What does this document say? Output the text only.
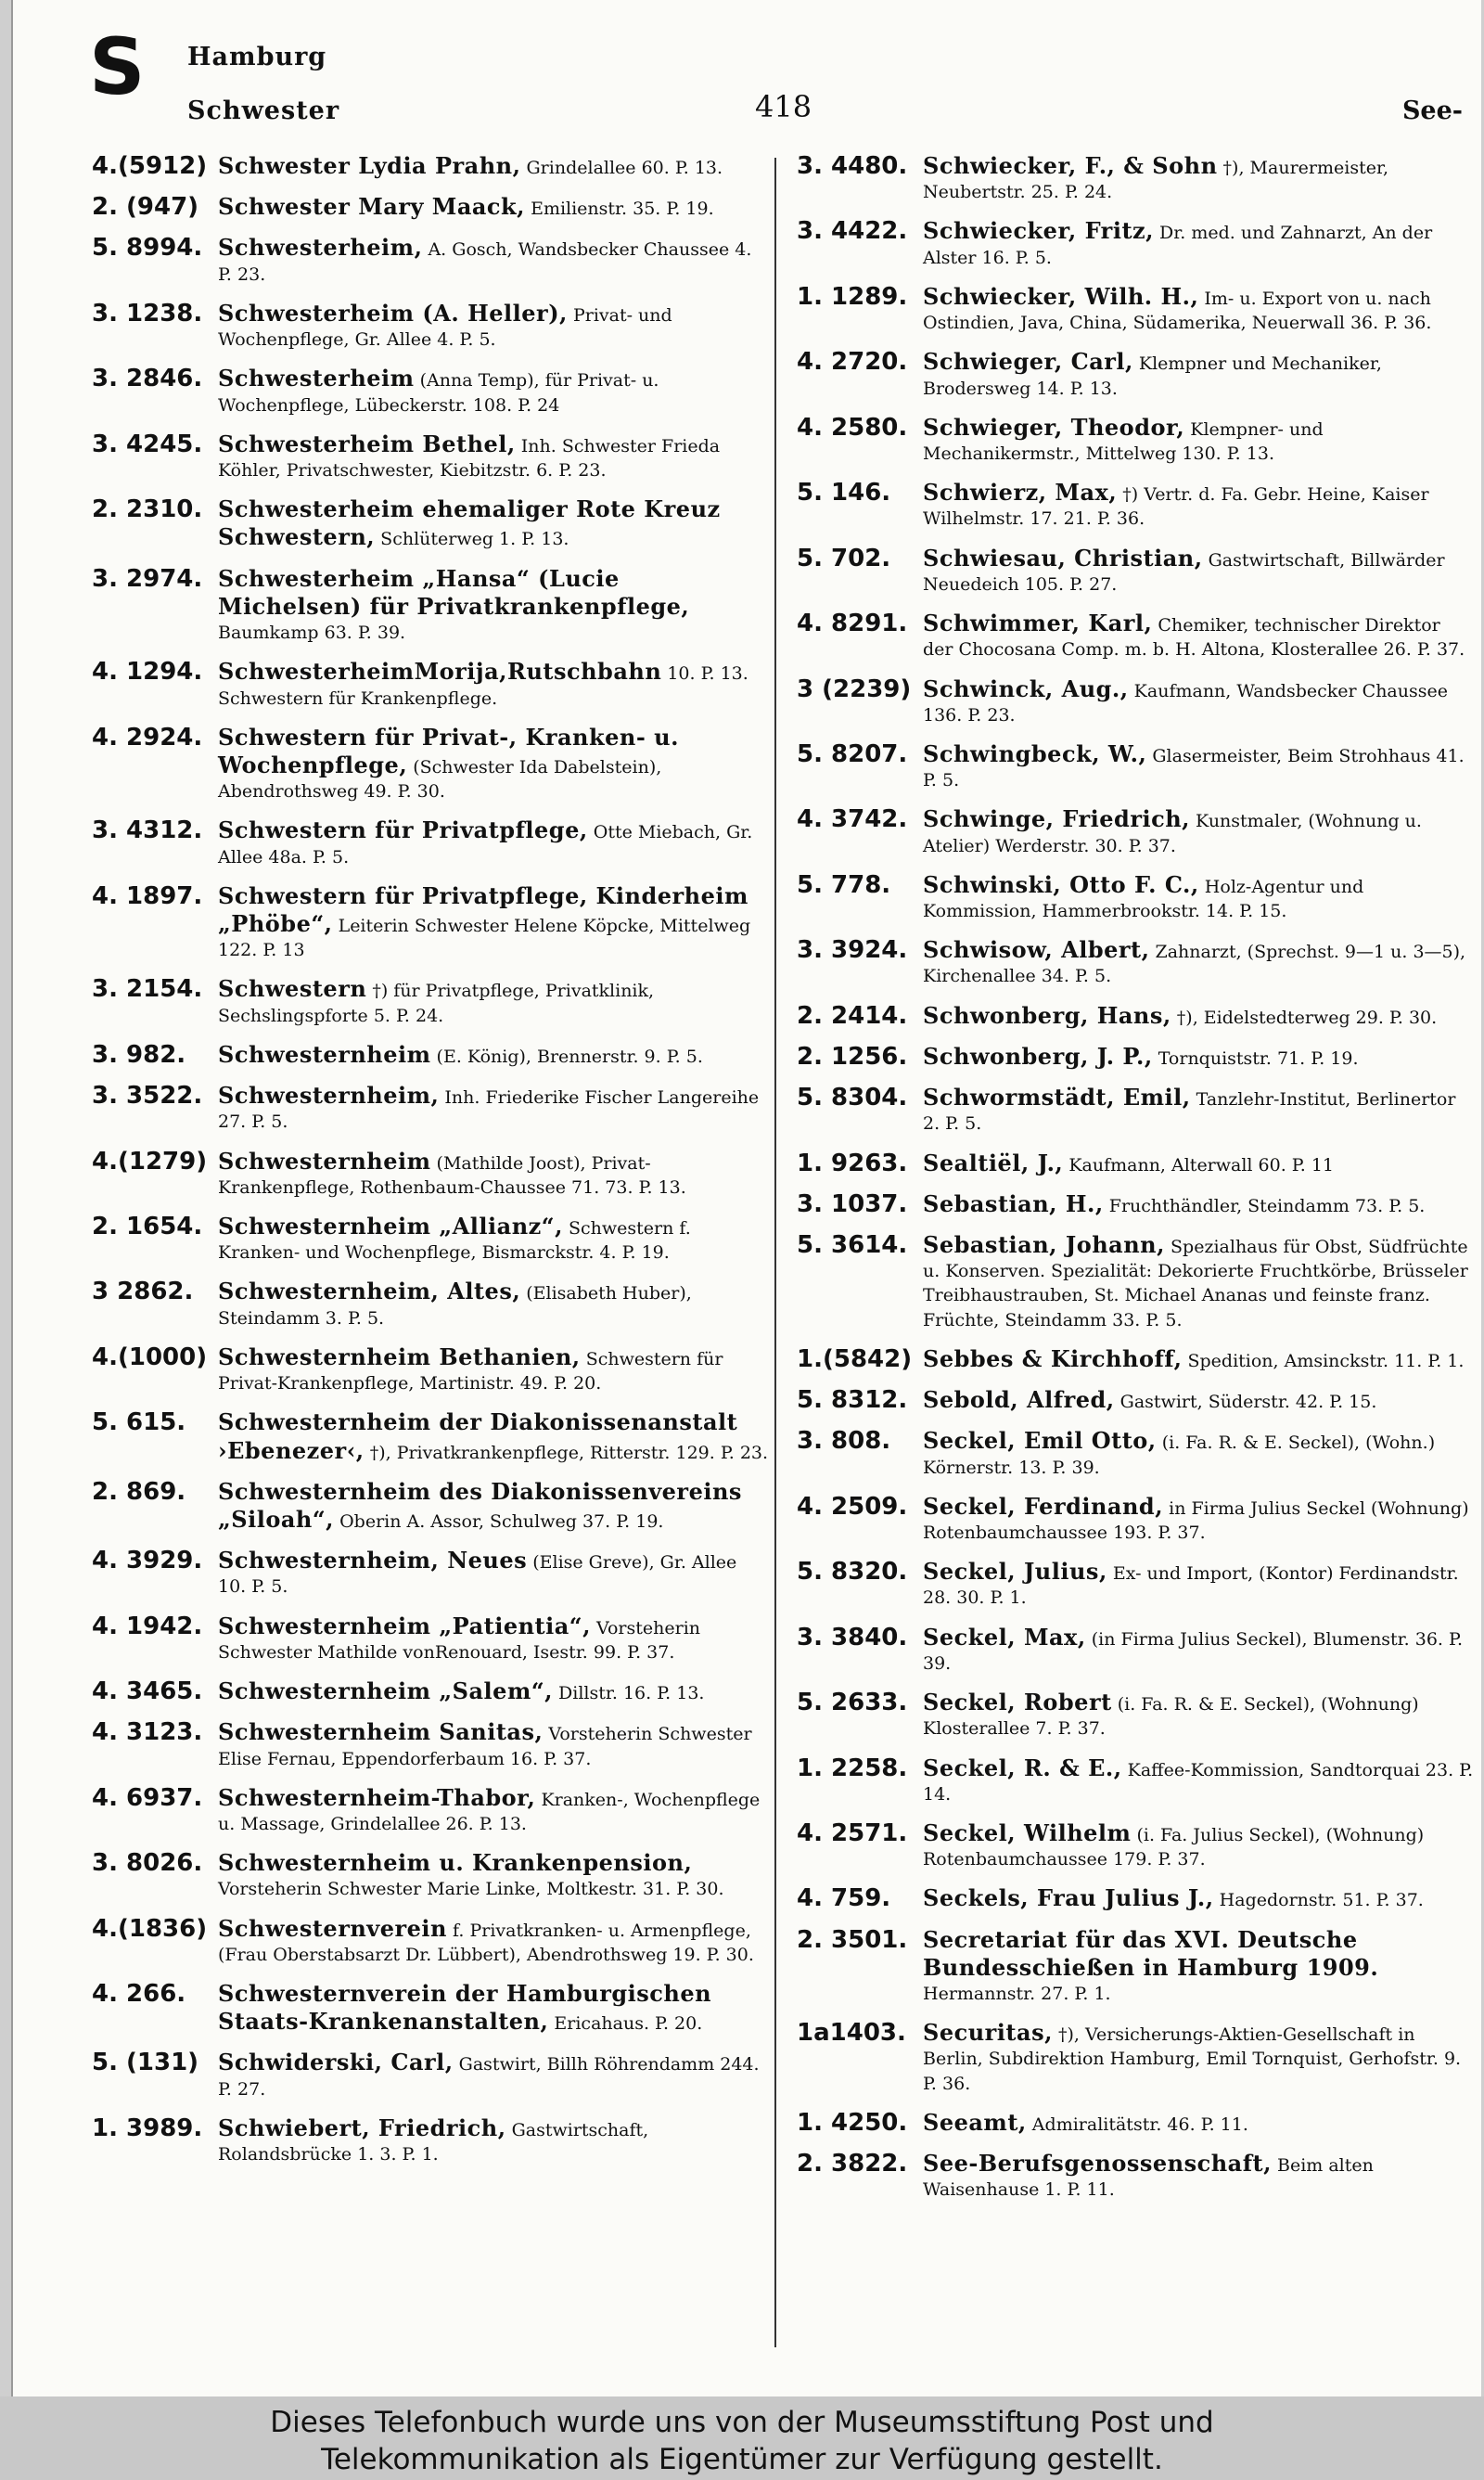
S Hamburg
Schwester	418	See-
4.(5912) Schwester Lydia Prahn, Grindelallee 60. P. 13.
2. (947) Schwester Mary Maack, Emilienstr. 35. P. 19.
5. 8994. Schwesterheim, A. Gosch, Wandsbecker Chaussee 4. P. 23.
3. 1238. Schwesterheim (A. Heller), Privat- und Wochenpflege, Gr. Allee 4. P. 5.
3. 2846. Schwesterheim (Anna Temp), für Privat- u. Wochenpflege, Lübeckerstr. 108. P. 24
3. 4245. Schwesterheim Bethel, Inh. Schwester Frieda Köhler, Privatschwester, Kiebitzstr. 6. P. 23.
2. 2310. Schwesterheim ehemaliger Rote Kreuz Schwestern, Schlüterweg 1. P. 13.
3. 2974. Schwesterheim „Hansa“ (Lucie Michelsen) für Privatkrankenpflege, Baumkamp 63. P. 39.
4. 1294. SchwesterheimMorija,Rutschbahn 10. P. 13. Schwestern für Krankenpflege.
4. 2924. Schwestern für Privat-, Kranken- u. Wochenpflege, (Schwester Ida Dabelstein), Abendrothsweg 49. P. 30.
3. 4312. Schwestern für Privatpflege, Otte Miebach, Gr. Allee 48a. P. 5.
4. 1897. Schwestern für Privatpflege, Kinderheim „Phöbe“, Leiterin Schwester Helene Köpcke, Mittelweg 122. P. 13
3. 2154. Schwestern †) für Privatpflege, Privatklinik, Sechslingspforte 5. P. 24.
3. 982.	Schwesternheim (E. König), Brennerstr. 9. P. 5.
3. 3522. Schwesternheim, Inh. Friederike Fischer Langereihe 27. P. 5.
4.(1279) Schwesternheim (Mathilde Joost), Privat-Krankenpflege, Rothenbaum-Chaussee 71. 73. P. 13.
2. 1654. Schwesternheim „Allianz“, Schwestern f. Kranken- und Wochenpflege, Bismarckstr. 4. P. 19.
3 2862.	Schwesternheim, Altes, (Elisabeth Huber), Steindamm 3. P. 5.
4.(1000) Schwesternheim Bethanien, Schwestern für Privat-Krankenpflege, Martinistr. 49. P. 20.
5. 615.	Schwesternheim der Diakonissenanstalt ›Ebenezer‹, †), Privatkrankenpflege, Ritterstr. 129. P. 23.
2. 869.	Schwesternheim des Diakonissenvereins „Siloah“, Oberin A. Assor, Schulweg 37. P. 19.
4. 3929. Schwesternheim, Neues (Elise Greve), Gr. Allee 10. P. 5.
4. 1942. Schwesternheim „Patientia“, Vorsteherin Schwester Mathilde vonRenouard, Isestr. 99. P. 37.
4. 3465. Schwesternheim „Salem“, Dillstr. 16. P. 13.
4. 3123. Schwesternheim Sanitas, Vorsteherin Schwester Elise Fernau, Eppendorferbaum 16. P. 37.
4. 6937. Schwesternheim-Thabor, Kranken-, Wochenpflege u. Massage, Grindelallee 26. P. 13.
3. 8026. Schwesternheim u. Krankenpension, Vorsteherin Schwester Marie Linke, Moltkestr. 31. P. 30.
4.(1836) Schwesternverein f. Privatkranken- u. Armenpflege, (Frau Oberstabsarzt Dr. Lübbert), Abendrothsweg 19. P. 30.
4. 266.	Schwesternverein der Hamburgischen Staats-Krankenanstalten, Ericahaus. P. 20.
5. (131) Schwiderski, Carl, Gastwirt, Billh Röhrendamm 244. P. 27.
1. 3989. Schwiebert, Friedrich, Gastwirtschaft, Rolandsbrücke 1. 3. P. 1.
3. 4480. Schwiecker, F., & Sohn †), Maurermeister, Neubertstr. 25. P. 24.
3. 4422. Schwiecker, Fritz, Dr. med. und Zahnarzt, An der Alster 16. P. 5.
1. 1289. Schwiecker, Wilh. H., Im- u. Export von u. nach Ostindien, Java, China, Südamerika, Neuerwall 36. P. 36.
4. 2720. Schwieger, Carl, Klempner und Mechaniker, Brodersweg 14. P. 13.
4. 2580. Schwieger, Theodor, Klempner- und Mechanikermstr., Mittelweg 130. P. 13.
5. 146.	Schwierz, Max, †) Vertr. d. Fa. Gebr. Heine, Kaiser Wilhelmstr. 17. 21. P. 36.
5. 702.	Schwiesau, Christian, Gastwirtschaft, Billwärder Neuedeich 105. P. 27.
4. 8291. Schwimmer, Karl, Chemiker, technischer Direktor der Chocosana Comp. m. b. H. Altona, Klosterallee 26. P. 37.
3 (2239) Schwinck, Aug., Kaufmann, Wandsbecker Chaussee 136. P. 23.
5. 8207. Schwingbeck, W., Glasermeister, Beim Strohhaus 41. P. 5.
4. 3742. Schwinge, Friedrich, Kunstmaler, (Wohnung u. Atelier) Werderstr. 30. P. 37.
5. 778.	Schwinski, Otto F. C., Holz-Agentur und Kommission, Hammerbrookstr. 14. P. 15.
3. 3924. Schwisow, Albert, Zahnarzt, (Sprechst. 9—1 u. 3—5), Kirchenallee 34. P. 5.
2. 2414. Schwonberg, Hans, †), Eidelstedterweg 29. P. 30.
2. 1256. Schwonberg, J. P., Tornquiststr. 71. P. 19.
5. 8304. Schwormstädt, Emil, Tanzlehr-Institut, Berlinertor 2. P. 5.
1. 9263. Sealtiël, J., Kaufmann, Alterwall 60. P. 11
3. 1037. Sebastian, H., Fruchthändler, Steindamm 73. P. 5.
5. 3614. Sebastian, Johann, Spezialhaus für Obst, Südfrüchte u. Konserven. Spezialität: Dekorierte Fruchtkörbe, Brüsseler Treibhaustrauben, St. Michael Ananas und feinste franz. Früchte, Steindamm 33. P. 5.
1.(5842) Sebbes & Kirchhoff, Spedition, Amsinckstr. 11. P. 1.
5. 8312. Sebold, Alfred, Gastwirt, Süderstr. 42. P. 15.
3. 808.	Seckel, Emil Otto, (i. Fa. R. & E. Seckel), (Wohn.) Körnerstr. 13. P. 39.
4. 2509. Seckel, Ferdinand, in Firma Julius Seckel (Wohnung) Rotenbaumchaussee 193. P. 37.
5. 8320. Seckel, Julius, Ex- und Import, (Kontor) Ferdinandstr. 28. 30. P. 1.
3. 3840. Seckel, Max, (in Firma Julius Seckel), Blumenstr. 36. P. 39.
5. 2633. Seckel, Robert (i. Fa. R. & E. Seckel), (Wohnung) Klosterallee 7. P. 37.
1. 2258. Seckel, R. & E., Kaffee-Kommission, Sandtorquai 23. P. 14.
4. 2571. Seckel, Wilhelm (i. Fa. Julius Seckel), (Wohnung) Rotenbaumchaussee 179. P. 37.
4. 759.	Seckels, Frau Julius J., Hagedornstr. 51. P. 37.
2. 3501. Secretariat für das XVI. Deutsche Bundesschießen in Hamburg 1909. Hermannstr. 27. P. 1.
1a1403. Securitas, †), Versicherungs-Aktien-Gesellschaft in Berlin, Subdirektion Hamburg, Emil Tornquist, Gerhofstr. 9. P. 36.
1. 4250. Seeamt, Admiralitätstr. 46. P. 11.
2. 3822. See-Berufsgenossenschaft, Beim alten Waisenhause 1. P. 11.
Dieses Telefonbuch wurde uns von der Museumsstiftung Post und
Telekommunikation als Eigentümer zur Verfügung gestellt.
